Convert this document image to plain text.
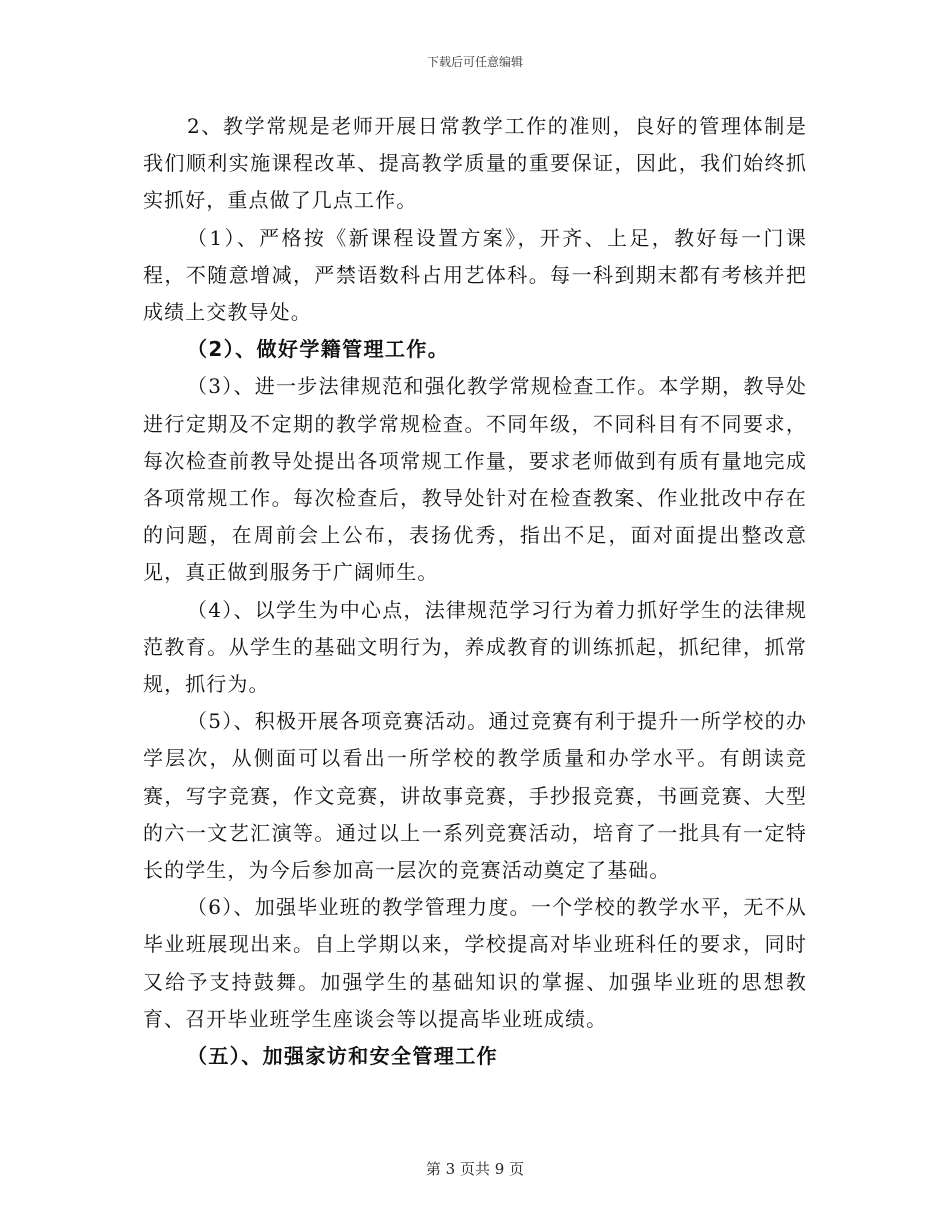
下载后可任意编辑

2、教学常规是老师开展日常教学工作的准则，良好的管理体制是我们顺利实施课程改革、提高教学质量的重要保证，因此，我们始终抓实抓好，重点做了几点工作。

（1）、严格按《新课程设置方案》，开齐、上足，教好每一门课程，不随意增减，严禁语数科占用艺体科。每一科到期末都有考核并把成绩上交教导处。

（2）、做好学籍管理工作。

（3）、进一步法律规范和强化教学常规检查工作。本学期，教导处进行定期及不定期的教学常规检查。不同年级，不同科目有不同要求，每次检查前教导处提出各项常规工作量，要求老师做到有质有量地完成各项常规工作。每次检查后，教导处针对在检查教案、作业批改中存在的问题，在周前会上公布，表扬优秀，指出不足，面对面提出整改意见，真正做到服务于广阔师生。

（4）、以学生为中心点，法律规范学习行为着力抓好学生的法律规范教育。从学生的基础文明行为，养成教育的训练抓起，抓纪律，抓常规，抓行为。

（5）、积极开展各项竞赛活动。通过竞赛有利于提升一所学校的办学层次，从侧面可以看出一所学校的教学质量和办学水平。有朗读竞赛，写字竞赛，作文竞赛，讲故事竞赛，手抄报竞赛，书画竞赛、大型的六一文艺汇演等。通过以上一系列竞赛活动，培育了一批具有一定特长的学生，为今后参加高一层次的竞赛活动奠定了基础。

（6）、加强毕业班的教学管理力度。一个学校的教学水平，无不从毕业班展现出来。自上学期以来，学校提高对毕业班科任的要求，同时又给予支持鼓舞。加强学生的基础知识的掌握、加强毕业班的思想教育、召开毕业班学生座谈会等以提高毕业班成绩。

（五）、加强家访和安全管理工作

第 3 页共 9 页
